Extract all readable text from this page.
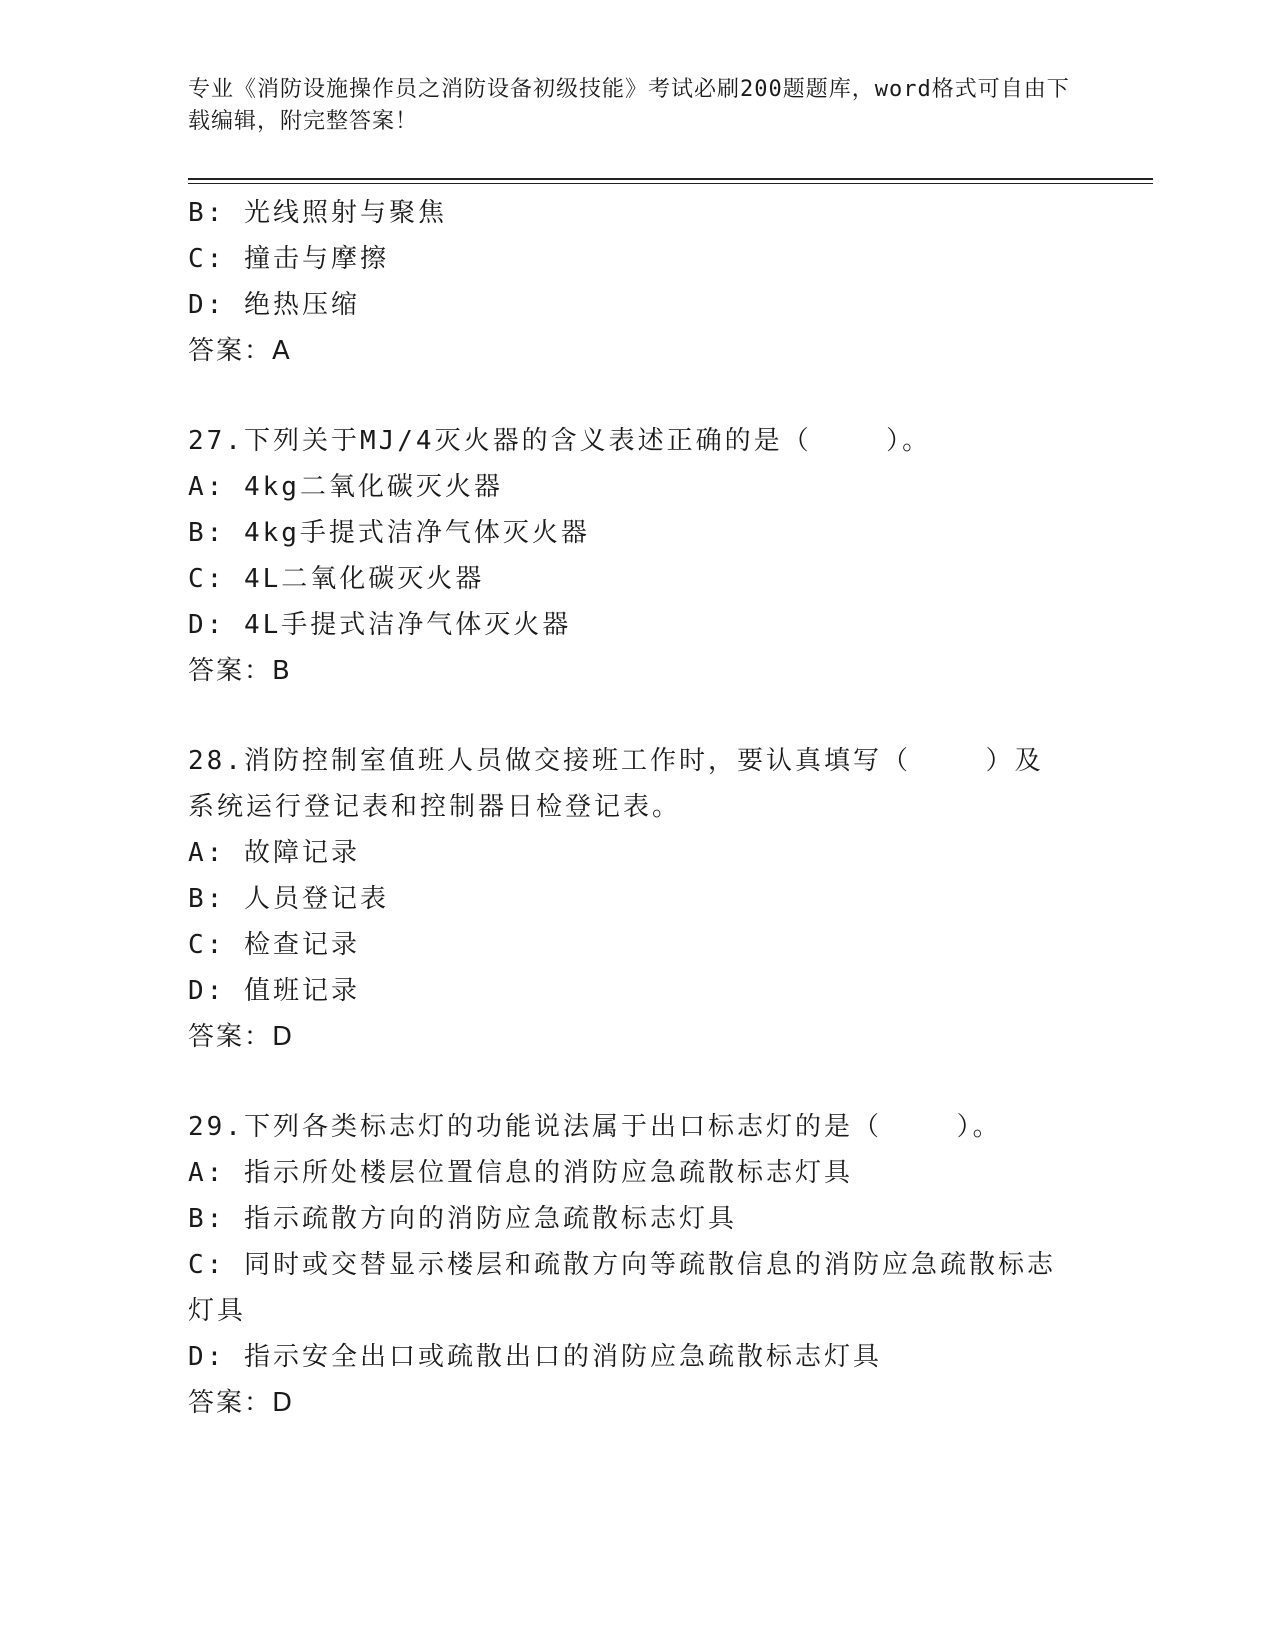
专业《消防设施操作员之消防设备初级技能》考试必刷200题题库，word格式可自由下载编辑，附完整答案！
B: 光线照射与聚焦
C: 撞击与摩擦
D: 绝热压缩
答案：A
27.下列关于MJ/4灭火器的含义表述正确的是（    ）。
A: 4kg二氧化碳灭火器
B: 4kg手提式洁净气体灭火器
C: 4L二氧化碳灭火器
D: 4L手提式洁净气体灭火器
答案：B
28.消防控制室值班人员做交接班工作时，要认真填写（    ）及系统运行登记表和控制器日检登记表。
A: 故障记录
B: 人员登记表
C: 检查记录
D: 值班记录
答案：D
29.下列各类标志灯的功能说法属于出口标志灯的是（    ）。
A: 指示所处楼层位置信息的消防应急疏散标志灯具
B: 指示疏散方向的消防应急疏散标志灯具
C: 同时或交替显示楼层和疏散方向等疏散信息的消防应急疏散标志灯具
D: 指示安全出口或疏散出口的消防应急疏散标志灯具
答案：D
